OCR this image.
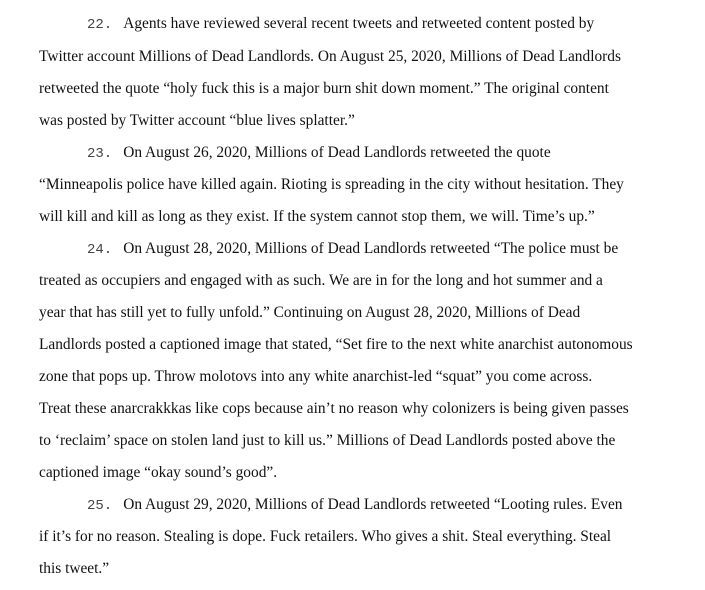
22. Agents have reviewed several recent tweets and retweeted content posted by
Twitter account Millions of Dead Landlords. On August 25, 2020, Millions of Dead Landlords
retweeted the quote “holy fuck this is a major burn shit down moment.” The original content
was posted by Twitter account “blue lives splatter.”
23. On August 26, 2020, Millions of Dead Landlords retweeted the quote
“Minneapolis police have killed again. Rioting is spreading in the city without hesitation. They
will kill and kill as long as they exist. If the system cannot stop them, we will. Time’s up.”
24. On August 28, 2020, Millions of Dead Landlords retweeted “The police must be
treated as occupiers and engaged with as such. We are in for the long and hot summer and a
year that has still yet to fully unfold.” Continuing on August 28, 2020, Millions of Dead
Landlords posted a captioned image that stated, “Set fire to the next white anarchist autonomous
zone that pops up. Throw molotovs into any white anarchist-led “squat” you come across.
Treat these anarcrakkkas like cops because ain’t no reason why colonizers is being given passes
to ‘reclaim’ space on stolen land just to kill us.” Millions of Dead Landlords posted above the
captioned image “okay sound’s good”.
25. On August 29, 2020, Millions of Dead Landlords retweeted “Looting rules. Even
if it’s for no reason. Stealing is dope. Fuck retailers. Who gives a shit. Steal everything. Steal
this tweet.”
